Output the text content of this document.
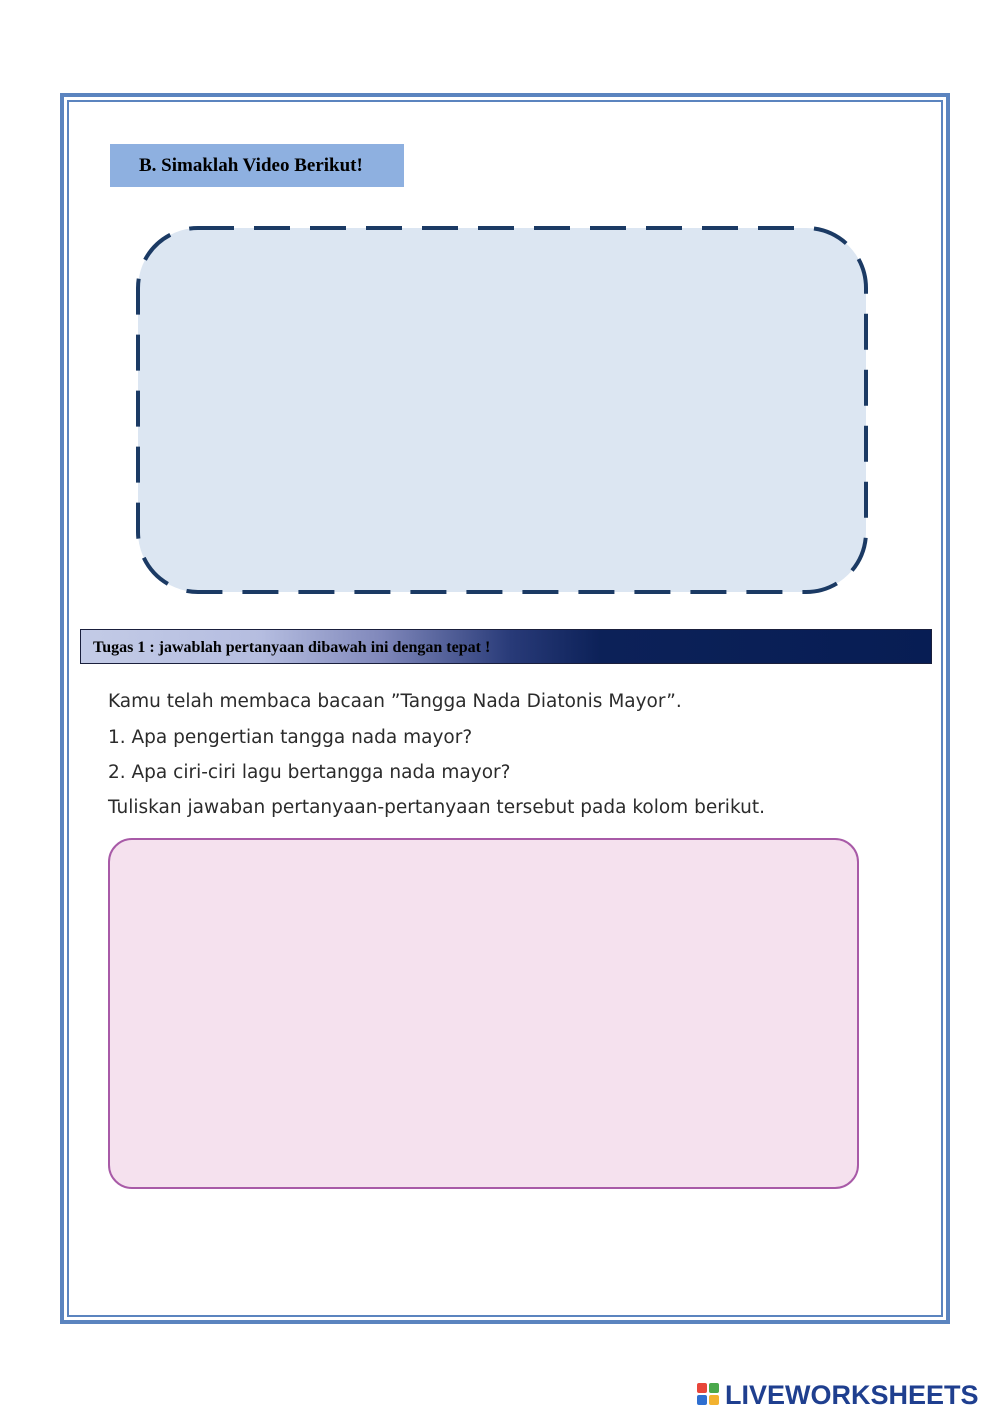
B. Simaklah Video Berikut!
Tugas 1 : jawablah pertanyaan dibawah ini dengan tepat !
Kamu telah membaca bacaan ”Tangga Nada Diatonis Mayor”.
1. Apa pengertian tangga nada mayor?
2. Apa ciri-ciri lagu bertangga nada mayor?
Tuliskan jawaban pertanyaan-pertanyaan tersebut pada kolom berikut.
LIVEWORKSHEETS
